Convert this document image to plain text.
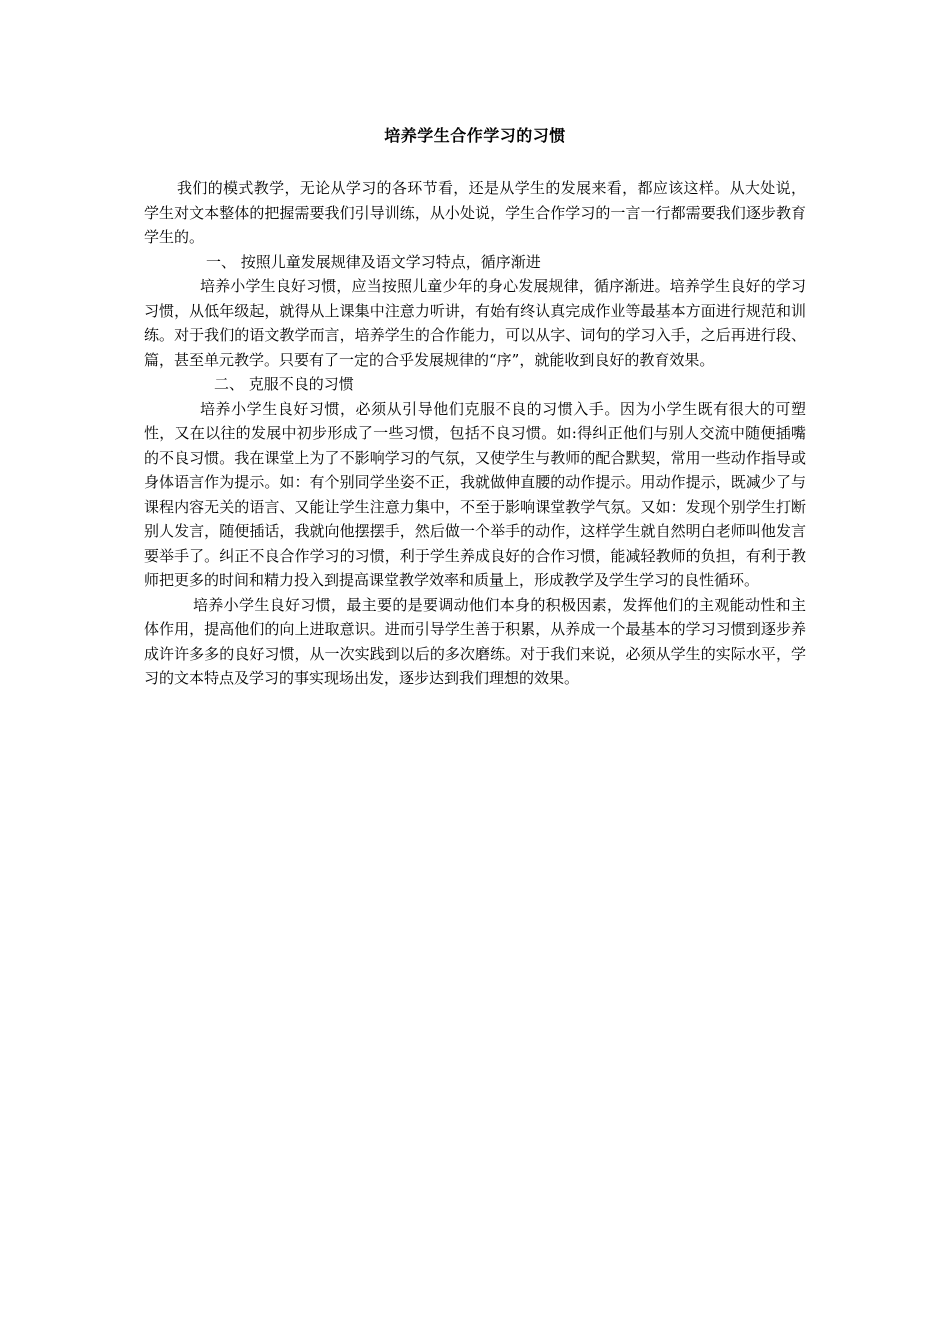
培养学生合作学习的习惯

我们的模式教学，无论从学习的各环节看，还是从学生的发展来看，都应该这样。从大处说，学生对文本整体的把握需要我们引导训练，从小处说，学生合作学习的一言一行都需要我们逐步教育学生的。

一、 按照儿童发展规律及语文学习特点，循序渐进

培养小学生良好习惯，应当按照儿童少年的身心发展规律，循序渐进。培养学生良好的学习习惯，从低年级起，就得从上课集中注意力听讲，有始有终认真完成作业等最基本方面进行规范和训练。对于我们的语文教学而言，培养学生的合作能力，可以从字、词句的学习入手，之后再进行段、篇，甚至单元教学。只要有了一定的合乎发展规律的“序”，就能收到良好的教育效果。

二、 克服不良的习惯

培养小学生良好习惯，必须从引导他们克服不良的习惯入手。因为小学生既有很大的可塑性，又在以往的发展中初步形成了一些习惯，包括不良习惯。如:得纠正他们与别人交流中随便插嘴的不良习惯。我在课堂上为了不影响学习的气氛，又使学生与教师的配合默契，常用一些动作指导或身体语言作为提示。如：有个别同学坐姿不正，我就做伸直腰的动作提示。用动作提示，既减少了与课程内容无关的语言、又能让学生注意力集中，不至于影响课堂教学气氛。又如：发现个别学生打断别人发言，随便插话，我就向他摆摆手，然后做一个举手的动作，这样学生就自然明白老师叫他发言要举手了。纠正不良合作学习的习惯，利于学生养成良好的合作习惯，能减轻教师的负担，有利于教师把更多的时间和精力投入到提高课堂教学效率和质量上，形成教学及学生学习的良性循环。

培养小学生良好习惯，最主要的是要调动他们本身的积极因素，发挥他们的主观能动性和主体作用，提高他们的向上进取意识。进而引导学生善于积累，从养成一个最基本的学习习惯到逐步养成许许多多的良好习惯，从一次实践到以后的多次磨练。对于我们来说，必须从学生的实际水平，学习的文本特点及学习的事实现场出发，逐步达到我们理想的效果。
